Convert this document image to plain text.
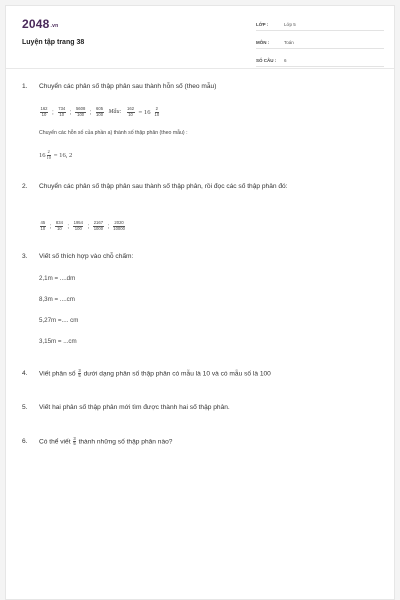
2048.vn
Luyện tập trang 38
LỚP :	Lớp 5
MÔN :	Toán
SỐ CÂU :	6
1. Chuyển các phân số thập phân sau thành hỗn số (theo mẫu)
$\frac{162}{10}$ ; $\frac{734}{10}$ ; $\frac{5608}{100}$ ; $\frac{605}{100}$ Mẫu: $\frac{162}{10} = 16 \frac{2}{10}$
Chuyển các hỗn số của phần a) thành số thập phân (theo mẫu) :
$16 \frac{2}{10} = 16$, 2
2. Chuyển các phân số thập phân sau thành số thập phân, rồi đọc các số thập phân đó:
$\frac{45}{10}$ ; $\frac{834}{10}$ ; $\frac{1954}{100}$ ; $\frac{2167}{1000}$ ; $\frac{2020}{10000}$
3. Viết số thích hợp vào chỗ chấm:
2,1m = ....dm
8,3m = ....cm
5,27m =.... cm
3,15m = ...cm
4. Viết phân số $\frac{3}{5}$ dưới dạng phân số thập phân có mẫu là 10 và có mẫu số là 100
5. Viết hai phân số thập phân mới tìm được thành hai số thập phân.
6. Có thể viết $\frac{3}{5}$ thành những số thập phân nào?
